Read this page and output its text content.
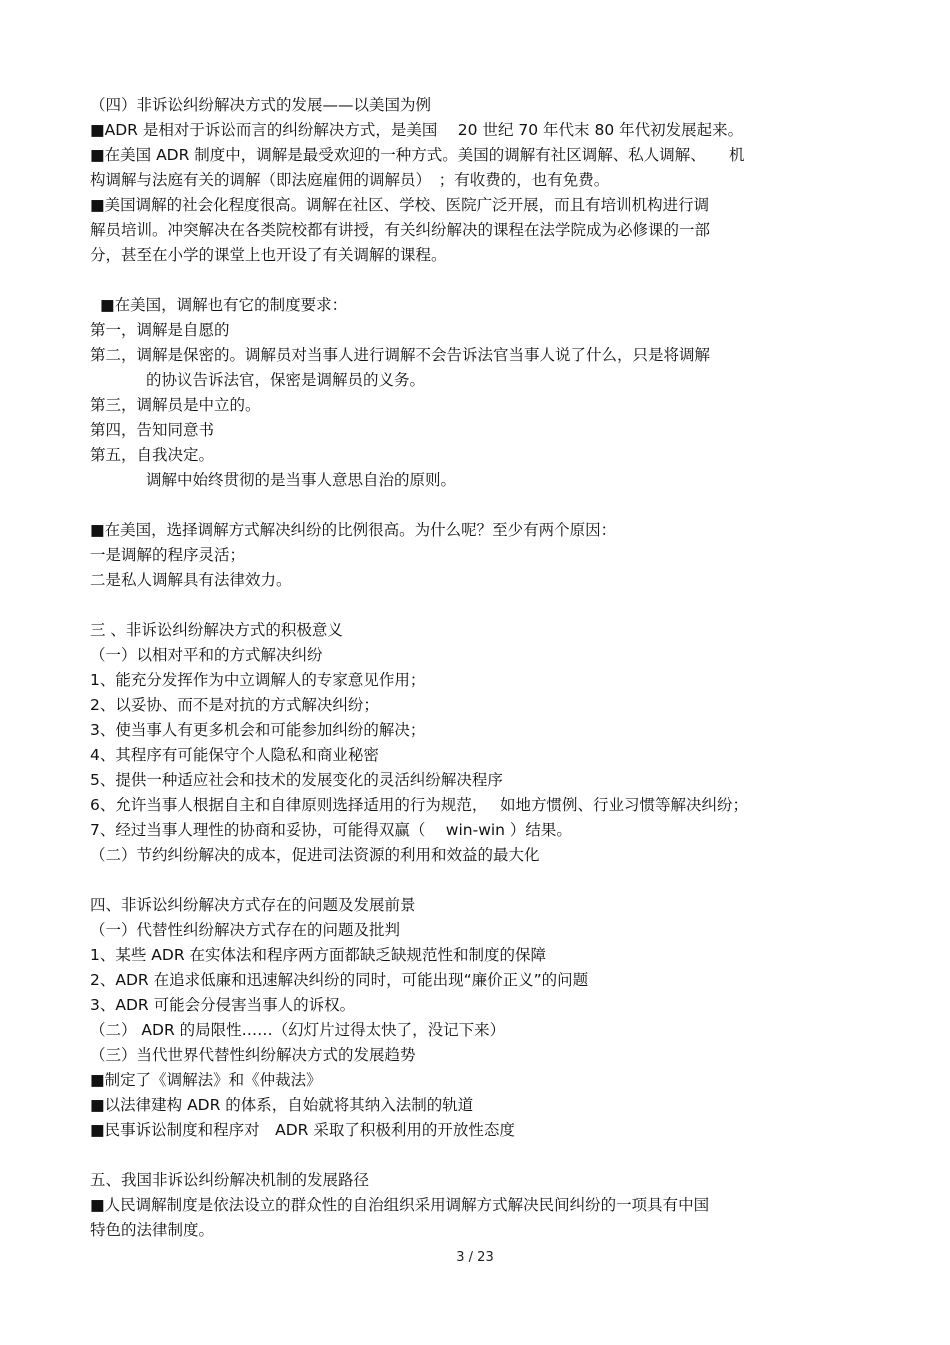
（四）非诉讼纠纷解决方式的发展——以美国为例
■ADR 是相对于诉讼而言的纠纷解决方式，是美国　 20 世纪 70 年代末 80 年代初发展起来。
■在美国 ADR 制度中，调解是最受欢迎的一种方式。美国的调解有社区调解、私人调解、　　机
构调解与法庭有关的调解（即法庭雇佣的调解员）　；有收费的，也有免费。
■美国调解的社会化程度很高。调解在社区、学校、医院广泛开展，而且有培训机构进行调
解员培训。冲突解决在各类院校都有讲授，有关纠纷解决的课程在法学院成为必修课的一部
分，甚至在小学的课堂上也开设了有关调解的课程。
■在美国，调解也有它的制度要求：
第一，调解是自愿的
第二，调解是保密的。调解员对当事人进行调解不会告诉法官当事人说了什么，只是将调解
的协议告诉法官，保密是调解员的义务。
第三，调解员是中立的。
第四，告知同意书
第五，自我决定。
调解中始终贯彻的是当事人意思自治的原则。
■在美国，选择调解方式解决纠纷的比例很高。为什么呢？至少有两个原因：
一是调解的程序灵活；
二是私人调解具有法律效力。
三 、非诉讼纠纷解决方式的积极意义
（一）以相对平和的方式解决纠纷
1、能充分发挥作为中立调解人的专家意见作用；
2、以妥协、而不是对抗的方式解决纠纷；
3、使当事人有更多机会和可能参加纠纷的解决；
4、其程序有可能保守个人隐私和商业秘密
5、提供一种适应社会和技术的发展变化的灵活纠纷解决程序
6、允许当事人根据自主和自律原则选择适用的行为规范，　 如地方惯例、行业习惯等解决纠纷；
7、经过当事人理性的协商和妥协，可能得双赢（　 win-win ）结果。
（二）节约纠纷解决的成本，促进司法资源的利用和效益的最大化
四、非诉讼纠纷解决方式存在的问题及发展前景
（一）代替性纠纷解决方式存在的问题及批判
1、某些 ADR 在实体法和程序两方面都缺乏缺规范性和制度的保障
2、ADR 在追求低廉和迅速解决纠纷的同时，可能出现“廉价正义”的问题
3、ADR 可能会分侵害当事人的诉权。
（二） ADR 的局限性……（幻灯片过得太快了，没记下来）
（三）当代世界代替性纠纷解决方式的发展趋势
■制定了《调解法》和《仲裁法》
■以法律建构 ADR 的体系，自始就将其纳入法制的轨道
■民事诉讼制度和程序对　ADR 采取了积极利用的开放性态度
五、我国非诉讼纠纷解决机制的发展路径
■人民调解制度是依法设立的群众性的自治组织采用调解方式解决民间纠纷的一项具有中国
特色的法律制度。
3 / 23
